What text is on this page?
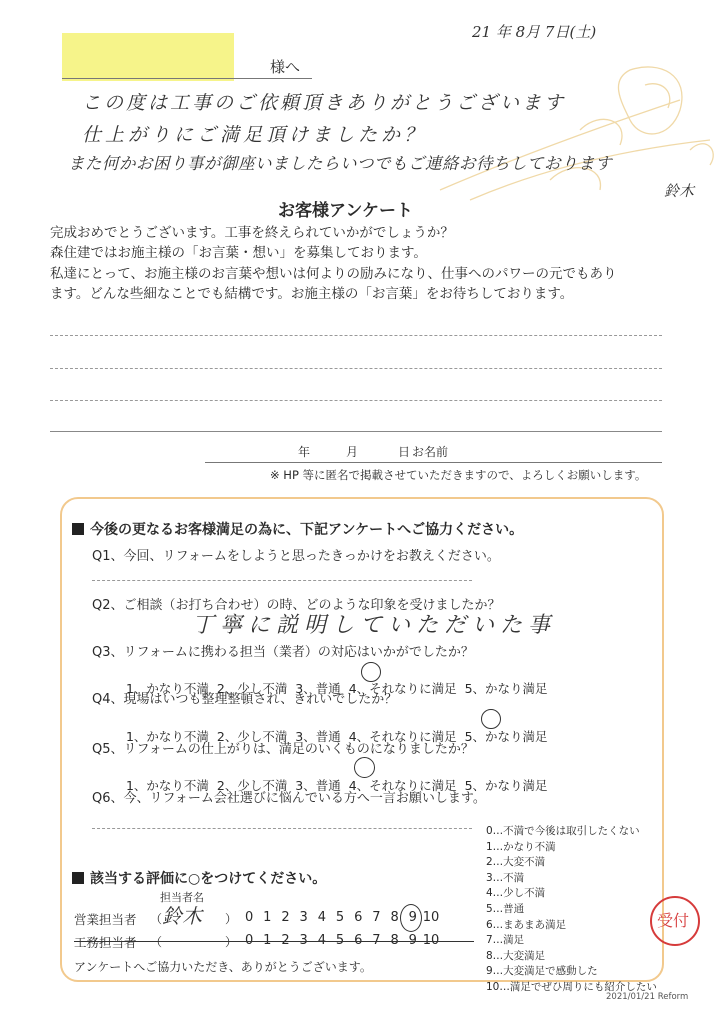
21 年 8月 7日(土)
様へ
この度は工事のご依頼頂きありがとうございます
仕上がりにご満足頂けましたか？
また何かお困り事が御座いましたらいつでもご連絡お待ちしております
鈴木
お客様アンケート
完成おめでとうございます。工事を終えられていかがでしょうか？
森住建ではお施主様の「お言葉・想い」を募集しております。
私達にとって、お施主様のお言葉や想いは何よりの励みになり、仕事へのパワーの元でもあり
ます。どんな些細なことでも結構です。お施主様の「お言葉」をお待ちしております。
年	月	日 お名前
※ HP 等に匿名で掲載させていただきますので、よろしくお願いします。
今後の更なるお客様満足の為に、下記アンケートへご協力ください。
Q1、今回、リフォームをしようと思ったきっかけをお教えください。
Q2、ご相談（お打ち合わせ）の時、どのような印象を受けましたか？
丁寧に説明していただいた事
Q3、リフォームに携わる担当（業者）の対応はいかがでしたか？

1、かなり不満 2、少し不満 3、普通 4、それなりに満足 5、かなり満足

Q4、現場はいつも整理整頓され、きれいでしたか？

1、かなり不満 2、少し不満 3、普通 4、それなりに満足 5、かなり満足

Q5、リフォームの仕上がりは、満足のいくものになりましたか？

1、かなり不満 2、少し不満 3、普通 4、それなりに満足 5、かなり満足

Q6、今、リフォーム会社選びに悩んでいる方へ一言お願いします。
0…不満で今後は取引したくない
1…かなり不満
2…大変不満
3…不満
4…少し不満
5…普通
6…まあまあ満足
7…満足
8…大変満足
9…大変満足で感動した
10…満足でぜひ周りにも紹介したい
該当する評価に○をつけてください。
担当者名
鈴木
営業担当者 （	） 0 1 2 3 4 5 6 7 8 9 10
工務担当者 （	） 0 1 2 3 4 5 6 7 8 9 10
アンケートへご協力いただき、ありがとうございます。
受付
2021/01/21 Reform
